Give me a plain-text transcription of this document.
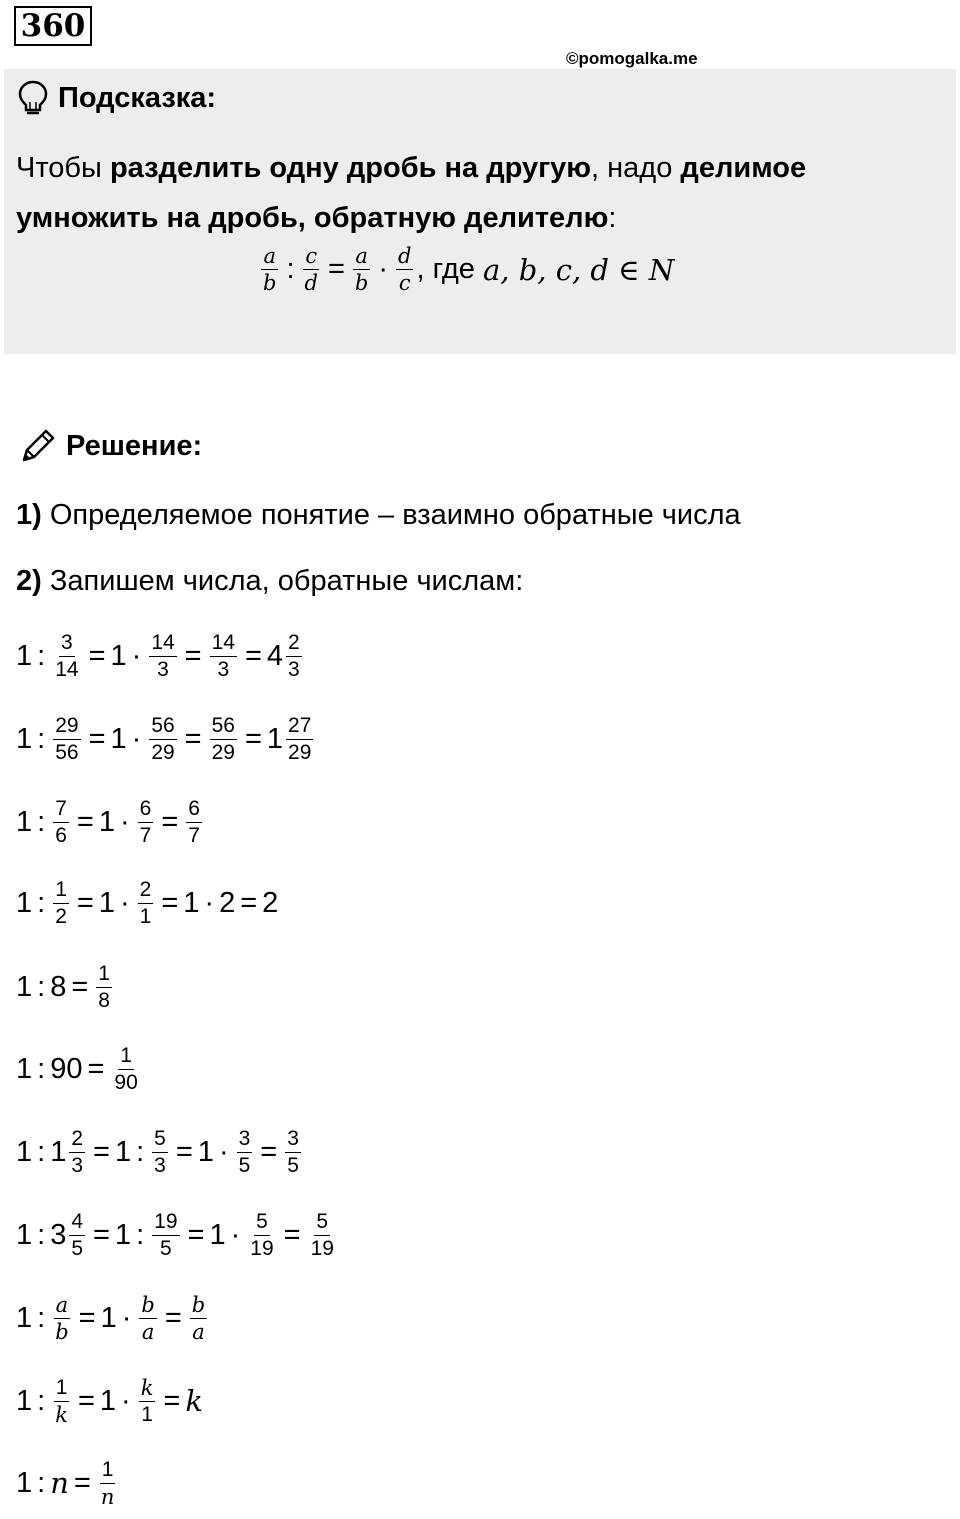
360
©pomogalka.me
Подсказка:
Чтобы разделить одну дробь на другую, надо делимое умножить на дробь, обратную делителю:
$\frac{a}{b}$ : $\frac{c}{d} = \frac{a}{b} \cdot \frac{d}{c}$ , где
a, b, c, d ∈ N
Решение:
1) Определяемое понятие – взаимно обратные числа
2) Запишем числа, обратные числам:
1 : $\frac{3}{14} = 1 \cdot \frac{14}{3} = \frac{14}{3} = 4 \frac{2}{3}$
1 : $\frac{29}{56} = 1 \cdot \frac{56}{29} = \frac{56}{29} = 1 \frac{27}{29}$
1 : $\frac{7}{6} = 1 \cdot \frac{6}{7} = \frac{6}{7}$
1 : $\frac{1}{2} = 1 \cdot \frac{2}{1} = 1 \cdot 2 = 2$
1 : $8 = \frac{1}{8}$
1 : $90 = \frac{1}{90}$
1 : $1 \frac{2}{3} = 1$ : $\frac{5}{3} = 1 \cdot \frac{3}{5} = \frac{3}{5}$
1 : $3 \frac{4}{5} = 1$ : $\frac{19}{5} = 1 \cdot \frac{5}{19} = \frac{5}{19}$
1 : $\frac{a}{b} = 1 \cdot \frac{b}{a} = \frac{b}{a}$
1 : $\frac{1}{k} = 1 \cdot \frac{k}{1} = k$
1 : $n = \frac{1}{n}$
